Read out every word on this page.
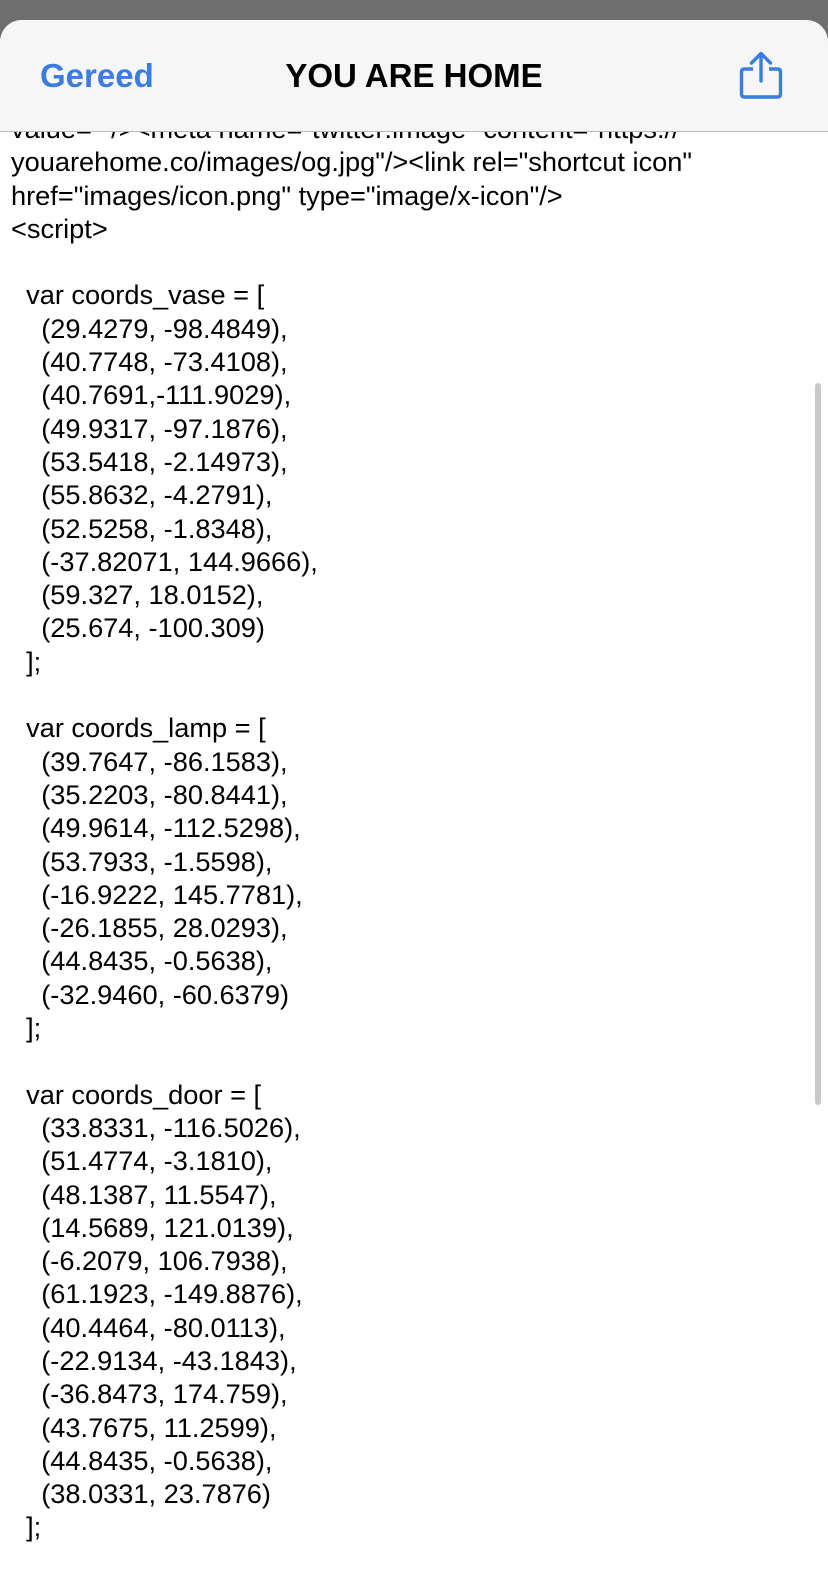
Gereed	YOU ARE HOME

youarehome.co/images/og.jpg"/><link rel="shortcut icon"
href="images/icon.png" type="image/x-icon"/>
<script>

	var coords_vase = [
		(29.4279, -98.4849),
		(40.7748, -73.4108),
		(40.7691,-111.9029),
		(49.9317, -97.1876),
		(53.5418, -2.14973),
		(55.8632, -4.2791),
		(52.5258, -1.8348),
		(-37.82071, 144.9666),
		(59.327, 18.0152),
		(25.674, -100.309)
	];

	var coords_lamp = [
		(39.7647, -86.1583),
		(35.2203, -80.8441),
		(49.9614, -112.5298),
		(53.7933, -1.5598),
		(-16.9222, 145.7781),
		(-26.1855, 28.0293),
		(44.8435, -0.5638),
		(-32.9460, -60.6379)
	];

	var coords_door = [
		(33.8331, -116.5026),
		(51.4774, -3.1810),
		(48.1387, 11.5547),
		(14.5689, 121.0139),
		(-6.2079, 106.7938),
		(61.1923, -149.8876),
		(40.4464, -80.0113),
		(-22.9134, -43.1843),
		(-36.8473, 174.759),
		(43.7675, 11.2599),
		(44.8435, -0.5638),
		(38.0331, 23.7876)
	];
